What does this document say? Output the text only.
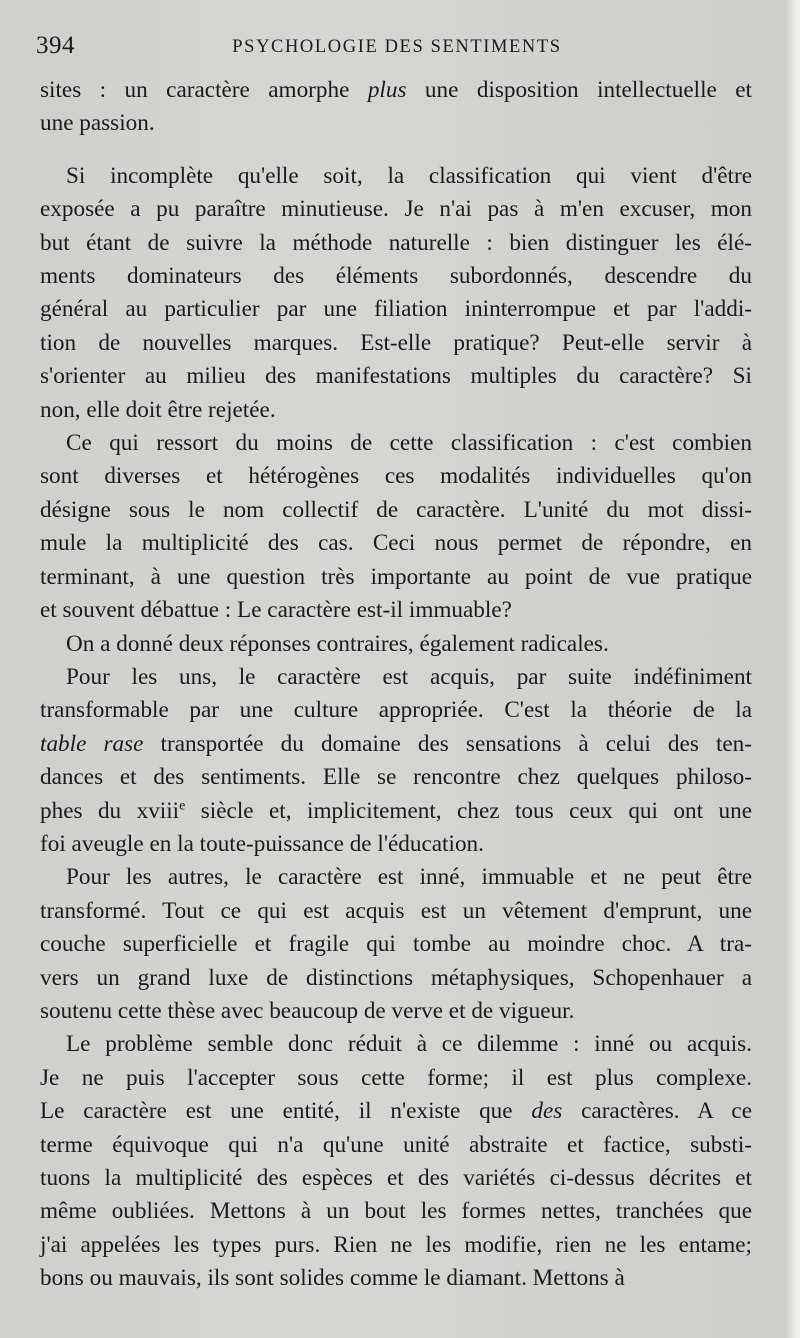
394	PSYCHOLOGIE DES SENTIMENTS

sites : un caractère amorphe plus une disposition intellectuelle et
une passion.

Si incomplète qu'elle soit, la classification qui vient d'être
exposée a pu paraître minutieuse. Je n'ai pas à m'en excuser, mon
but étant de suivre la méthode naturelle : bien distinguer les élé-
ments dominateurs des éléments subordonnés, descendre du
général au particulier par une filiation ininterrompue et par l'addi-
tion de nouvelles marques. Est-elle pratique? Peut-elle servir à
s'orienter au milieu des manifestations multiples du caractère? Si
non, elle doit être rejetée.

Ce qui ressort du moins de cette classification : c'est combien
sont diverses et hétérogènes ces modalités individuelles qu'on
désigne sous le nom collectif de caractère. L'unité du mot dissi-
mule la multiplicité des cas. Ceci nous permet de répondre, en
terminant, à une question très importante au point de vue pratique
et souvent débattue : Le caractère est-il immuable?

On a donné deux réponses contraires, également radicales.

Pour les uns, le caractère est acquis, par suite indéfiniment
transformable par une culture appropriée. C'est la théorie de la
table rase transportée du domaine des sensations à celui des ten-
dances et des sentiments. Elle se rencontre chez quelques philoso-
phes du xviii$^e$ siècle et, implicitement, chez tous ceux qui ont une
foi aveugle en la toute-puissance de l'éducation.

Pour les autres, le caractère est inné, immuable et ne peut être
transformé. Tout ce qui est acquis est un vêtement d'emprunt, une
couche superficielle et fragile qui tombe au moindre choc. A tra-
vers un grand luxe de distinctions métaphysiques, Schopenhauer a
soutenu cette thèse avec beaucoup de verve et de vigueur.

Le problème semble donc réduit à ce dilemme : inné ou acquis.
Je ne puis l'accepter sous cette forme; il est plus complexe.
Le caractère est une entité, il n'existe que des caractères. A ce
terme équivoque qui n'a qu'une unité abstraite et factice, substi-
tuons la multiplicité des espèces et des variétés ci-dessus décrites et
même oubliées. Mettons à un bout les formes nettes, tranchées que
j'ai appelées les types purs. Rien ne les modifie, rien ne les entame;
bons ou mauvais, ils sont solides comme le diamant. Mettons à
